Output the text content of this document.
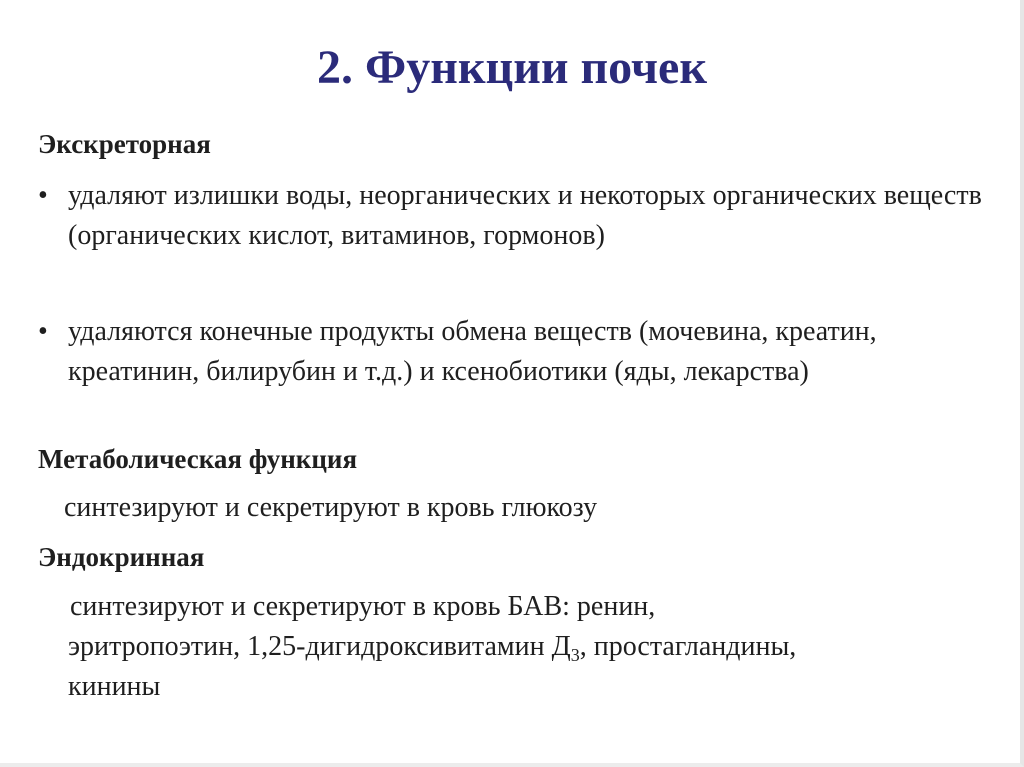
2. Функции почек
Экскреторная
• удаляют излишки воды, неорганических и некоторых органических веществ (органических кислот, витаминов, гормонов)
• удаляются конечные продукты обмена веществ (мочевина, креатин, креатинин, билирубин и т.д.) и ксенобиотики (яды, лекарства)
Метаболическая функция
синтезируют и секретируют в кровь глюкозу
Эндокринная
синтезируют и секретируют в кровь БАВ: ренин,
эритропоэтин, 1,25-дигидроксивитамин $Д_3$, простагландины,
кинины
